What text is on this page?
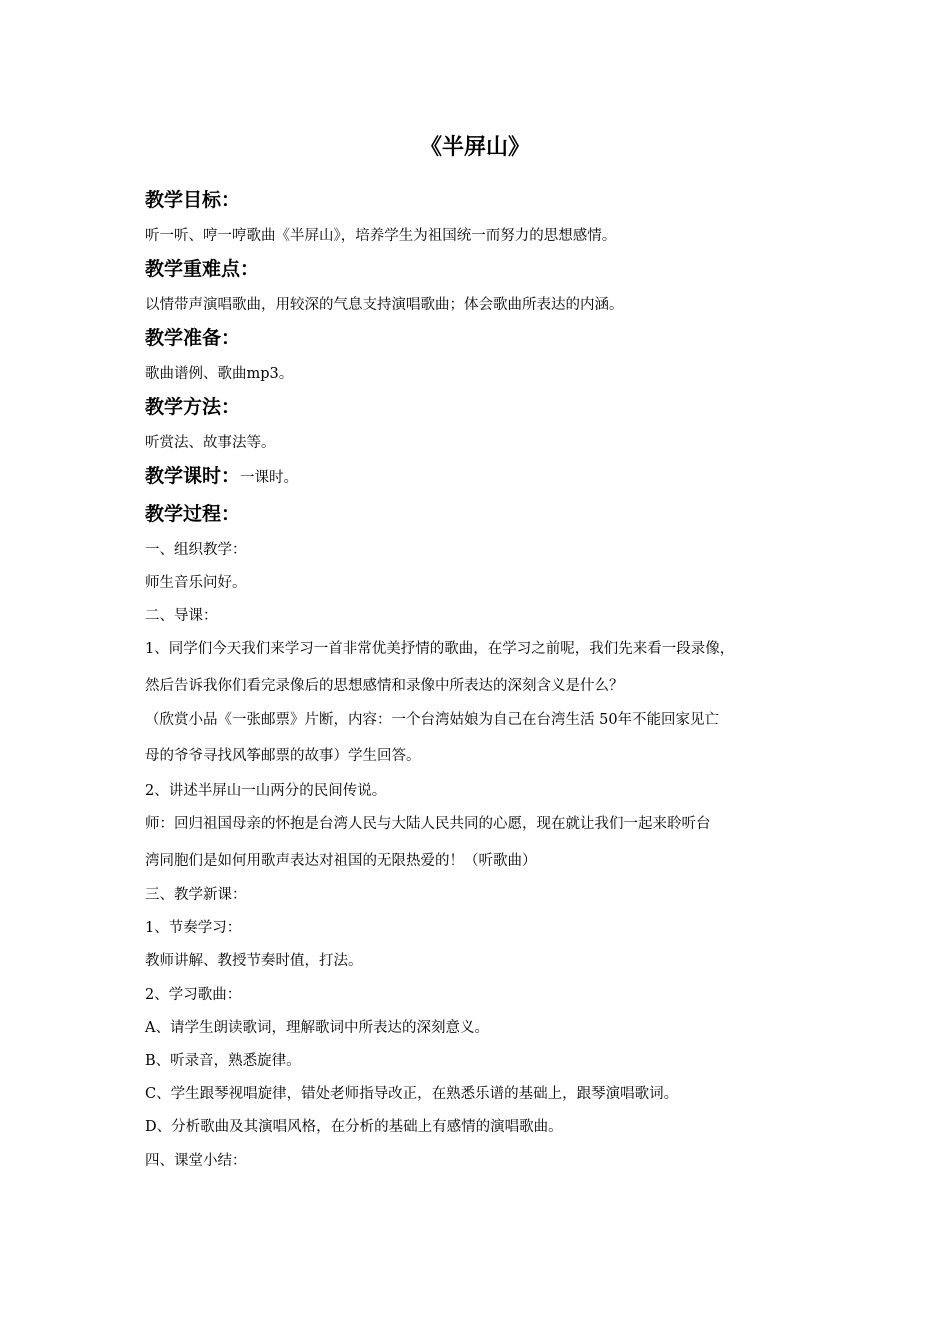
《半屏山》
教学目标：
听一听、哼一哼歌曲《半屏山》，培养学生为祖国统一而努力的思想感情。
教学重难点：
以情带声演唱歌曲，用较深的气息支持演唱歌曲；体会歌曲所表达的内涵。
教学准备：
歌曲谱例、歌曲mp3。
教学方法：
听赏法、故事法等。
教学课时：一课时。
教学过程：
一、组织教学：
师生音乐问好。
二、导课：
1、同学们今天我们来学习一首非常优美抒情的歌曲，在学习之前呢，我们先来看一段录像，
然后告诉我你们看完录像后的思想感情和录像中所表达的深刻含义是什么？
（欣赏小品《一张邮票》片断，内容：一个台湾姑娘为自己在台湾生活 50年不能回家见亡
母的爷爷寻找风筝邮票的故事）学生回答。
2、讲述半屏山一山两分的民间传说。
师：回归祖国母亲的怀抱是台湾人民与大陆人民共同的心愿，现在就让我们一起来聆听台
湾同胞们是如何用歌声表达对祖国的无限热爱的！（听歌曲）
三、教学新课：
1、节奏学习：
教师讲解、教授节奏时值，打法。
2、学习歌曲：
A、请学生朗读歌词，理解歌词中所表达的深刻意义。
B、听录音，熟悉旋律。
C、学生跟琴视唱旋律，错处老师指导改正，在熟悉乐谱的基础上，跟琴演唱歌词。
D、分析歌曲及其演唱风格，在分析的基础上有感情的演唱歌曲。
四、课堂小结：
